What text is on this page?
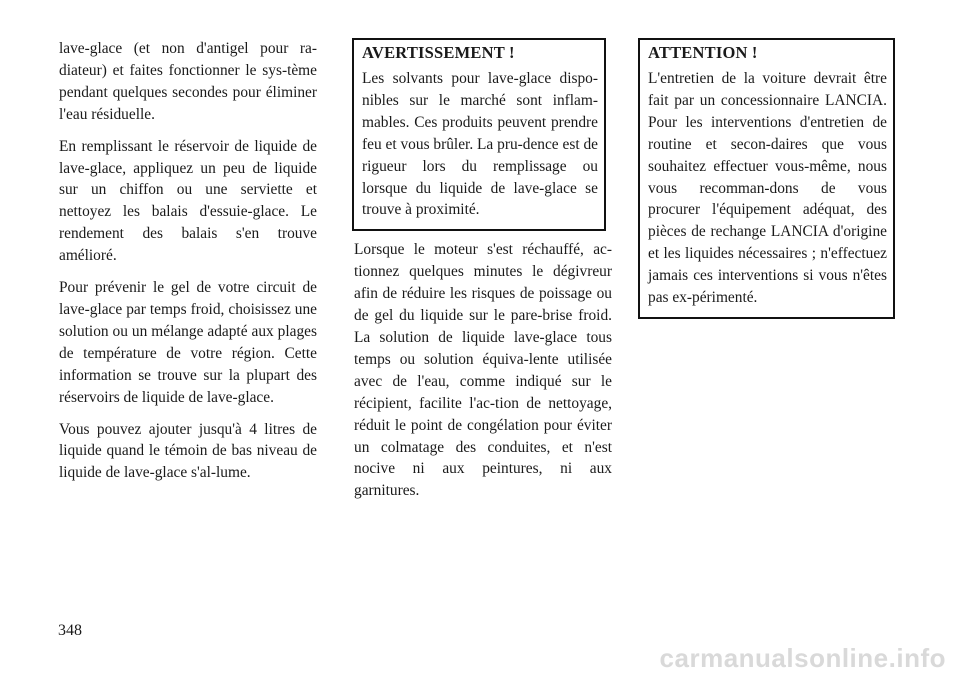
lave-glace (et non d'antigel pour ra-diateur) et faites fonctionner le sys-tème pendant quelques secondes pour éliminer l'eau résiduelle.

En remplissant le réservoir de liquide de lave-glace, appliquez un peu de liquide sur un chiffon ou une serviette et nettoyez les balais d'essuie-glace. Le rendement des balais s'en trouve amélioré.

Pour prévenir le gel de votre circuit de lave-glace par temps froid, choisissez une solution ou un mélange adapté aux plages de température de votre région. Cette information se trouve sur la plupart des réservoirs de liquide de lave-glace.

Vous pouvez ajouter jusqu'à 4 litres de liquide quand le témoin de bas niveau de liquide de lave-glace s'al-lume.

AVERTISSEMENT !

Les solvants pour lave-glace dispo-nibles sur le marché sont inflam-mables. Ces produits peuvent prendre feu et vous brûler. La pru-dence est de rigueur lors du remplissage ou lorsque du liquide de lave-glace se trouve à proximité.

Lorsque le moteur s'est réchauffé, ac-tionnez quelques minutes le dégivreur afin de réduire les risques de poissage ou de gel du liquide sur le pare-brise froid. La solution de liquide lave-glace tous temps ou solution équiva-lente utilisée avec de l'eau, comme indiqué sur le récipient, facilite l'ac-tion de nettoyage, réduit le point de congélation pour éviter un colmatage des conduites, et n'est nocive ni aux peintures, ni aux garnitures.

ATTENTION !

L'entretien de la voiture devrait être fait par un concessionnaire LANCIA. Pour les interventions d'entretien de routine et secon-daires que vous souhaitez effectuer vous-même, nous vous recomman-dons de vous procurer l'équipement adéquat, des pièces de rechange LANCIA d'origine et les liquides nécessaires ; n'effectuez jamais ces interventions si vous n'êtes pas ex-périmenté.

348
carmanualsonline.info
